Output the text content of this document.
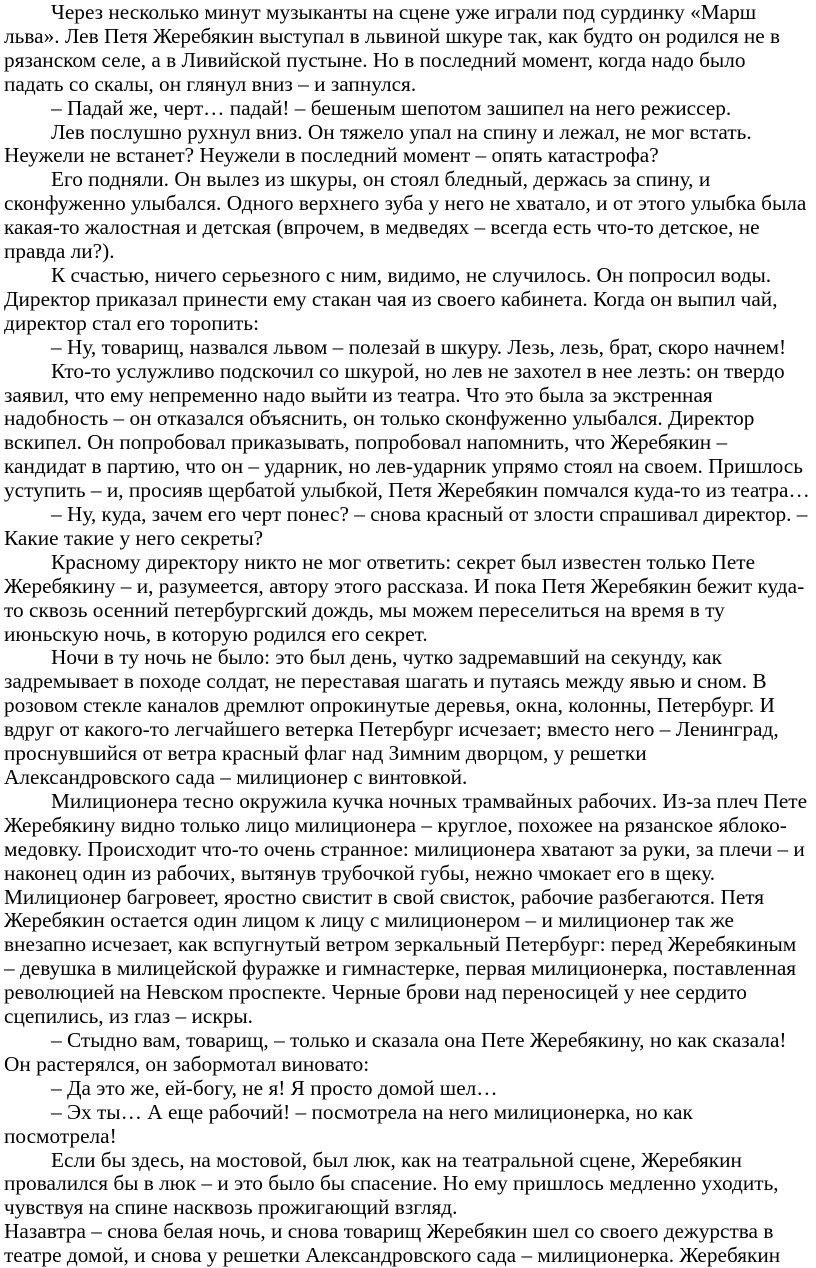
Через несколько минут музыканты на сцене уже играли под сурдинку «Марш льва». Лев Петя Жеребякин выступал в львиной шкуре так, как будто он родился не в рязанском селе, а в Ливийской пустыне. Но в последний момент, когда надо было падать со скалы, он глянул вниз – и запнулся.

– Падай же, черт… падай! – бешеным шепотом зашипел на него режиссер.

Лев послушно рухнул вниз. Он тяжело упал на спину и лежал, не мог встать. Неужели не встанет? Неужели в последний момент – опять катастрофа?

Его подняли. Он вылез из шкуры, он стоял бледный, держась за спину, и сконфуженно улыбался. Одного верхнего зуба у него не хватало, и от этого улыбка была какая-то жалостная и детская (впрочем, в медведях – всегда есть что-то детское, не правда ли?).

К счастью, ничего серьезного с ним, видимо, не случилось. Он попросил воды. Директор приказал принести ему стакан чая из своего кабинета. Когда он выпил чай, директор стал его торопить:

– Ну, товарищ, назвался львом – полезай в шкуру. Лезь, лезь, брат, скоро начнем!

Кто-то услужливо подскочил со шкурой, но лев не захотел в нее лезть: он твердо заявил, что ему непременно надо выйти из театра. Что это была за экстренная надобность – он отказался объяснить, он только сконфуженно улыбался. Директор вскипел. Он попробовал приказывать, попробовал напомнить, что Жеребякин – кандидат в партию, что он – ударник, но лев-ударник упрямо стоял на своем. Пришлось уступить – и, просияв щербатой улыбкой, Петя Жеребякин помчался куда-то из театра…

– Ну, куда, зачем его черт понес? – снова красный от злости спрашивал директор. – Какие такие у него секреты?

Красному директору никто не мог ответить: секрет был известен только Пете Жеребякину – и, разумеется, автору этого рассказа. И пока Петя Жеребякин бежит куда-то сквозь осенний петербургский дождь, мы можем переселиться на время в ту июньскую ночь, в которую родился его секрет.

Ночи в ту ночь не было: это был день, чутко задремавший на секунду, как задремывает в походе солдат, не переставая шагать и путаясь между явью и сном. В розовом стекле каналов дремлют опрокинутые деревья, окна, колонны, Петербург. И вдруг от какого-то легчайшего ветерка Петербург исчезает; вместо него – Ленинград, проснувшийся от ветра красный флаг над Зимним дворцом, у решетки Александровского сада – милиционер с винтовкой.

Милиционера тесно окружила кучка ночных трамвайных рабочих. Из-за плеч Пете Жеребякину видно только лицо милиционера – круглое, похожее на рязанское яблоко-медовку. Происходит что-то очень странное: милиционера хватают за руки, за плечи – и наконец один из рабочих, вытянув трубочкой губы, нежно чмокает его в щеку. Милиционер багровеет, яростно свистит в свой свисток, рабочие разбегаются. Петя Жеребякин остается один лицом к лицу с милиционером – и милиционер так же внезапно исчезает, как вспугнутый ветром зеркальный Петербург: перед Жеребякиным – девушка в милицейской фуражке и гимнастерке, первая милиционерка, поставленная революцией на Невском проспекте. Черные брови над переносицей у нее сердито сцепились, из глаз – искры.

– Стыдно вам, товарищ, – только и сказала она Пете Жеребякину, но как сказала! Он растерялся, он забормотал виновато:

– Да это же, ей-богу, не я! Я просто домой шел…

– Эх ты… А еще рабочий! – посмотрела на него милиционерка, но как посмотрела!

Если бы здесь, на мостовой, был люк, как на театральной сцене, Жеребякин провалился бы в люк – и это было бы спасение. Но ему пришлось медленно уходить, чувствуя на спине насквозь прожигающий взгляд.

Назавтра – снова белая ночь, и снова товарищ Жеребякин шел со своего дежурства в театре домой, и снова у решетки Александровского сада – милиционерка. Жеребякин
